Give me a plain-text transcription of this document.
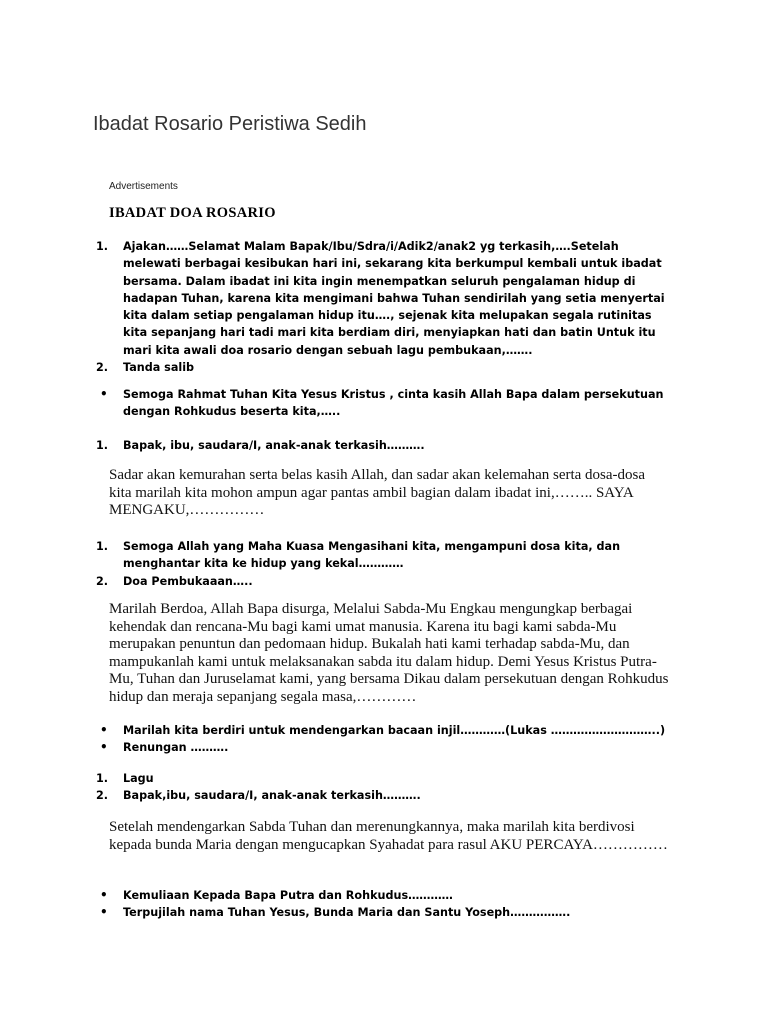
Ibadat Rosario Peristiwa Sedih
Advertisements
IBADAT DOA ROSARIO
1. Ajakan……Selamat Malam Bapak/Ibu/Sdra/i/Adik2/anak2 yg terkasih,….Setelah melewati berbagai kesibukan hari ini, sekarang kita berkumpul kembali untuk ibadat bersama. Dalam ibadat ini kita ingin menempatkan seluruh pengalaman hidup di hadapan Tuhan, karena kita mengimani bahwa Tuhan sendirilah yang setia menyertai kita dalam setiap pengalaman hidup itu…., sejenak kita melupakan segala rutinitas kita sepanjang hari tadi mari kita berdiam diri, menyiapkan hati dan batin Untuk itu mari kita awali doa rosario dengan sebuah lagu pembukaan,…….
2. Tanda salib
• Semoga Rahmat Tuhan Kita Yesus Kristus , cinta kasih Allah Bapa dalam persekutuan dengan Rohkudus beserta kita,…..
1. Bapak, ibu, saudara/I, anak-anak terkasih……….

Sadar akan kemurahan serta belas kasih Allah, dan sadar akan kelemahan serta dosa-dosa kita marilah kita mohon ampun agar pantas ambil bagian dalam ibadat ini,…….. SAYA MENGAKU,……………

1. Semoga Allah yang Maha Kuasa Mengasihani kita, mengampuni dosa kita, dan menghantar kita ke hidup yang kekal…………
2. Doa Pembukaaan…..

Marilah Berdoa, Allah Bapa disurga, Melalui Sabda-Mu Engkau mengungkap berbagai kehendak dan rencana-Mu bagi kami umat manusia. Karena itu bagi kami sabda-Mu merupakan penuntun dan pedomaan hidup. Bukalah hati kami terhadap sabda-Mu, dan mampukanlah kami untuk melaksanakan sabda itu dalam hidup. Demi Yesus Kristus Putra-Mu, Tuhan dan Juruselamat kami, yang bersama Dikau dalam persekutuan dengan Rohkudus hidup dan meraja sepanjang segala masa,…………

• Marilah kita berdiri untuk mendengarkan bacaan injil…………(Lukas ………………………..)
• Renungan ……….
1. Lagu
2. Bapak,ibu, saudara/I, anak-anak terkasih……….

Setelah mendengarkan Sabda Tuhan dan merenungkannya, maka marilah kita berdivosi kepada bunda Maria dengan mengucapkan Syahadat para rasul AKU PERCAYA……………

• Kemuliaan Kepada Bapa Putra dan Rohkudus…………
• Terpujilah nama Tuhan Yesus, Bunda Maria dan Santu Yoseph…………….
